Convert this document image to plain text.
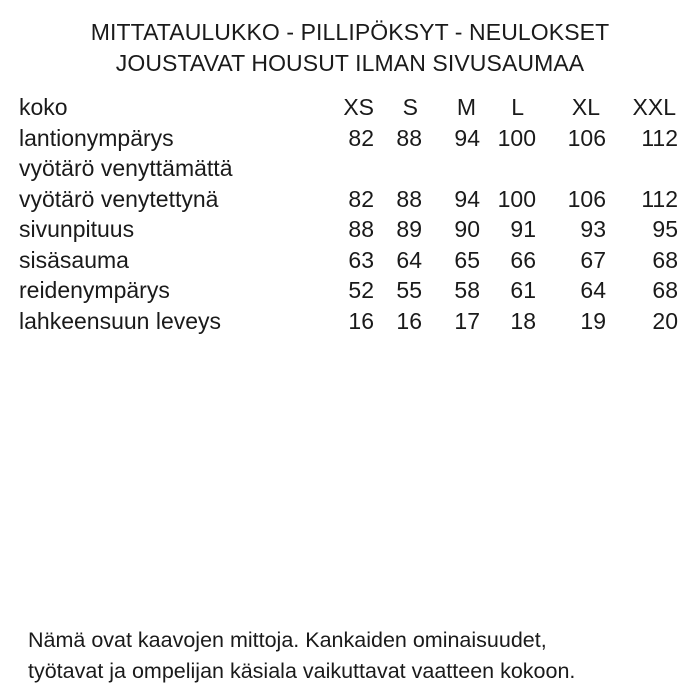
MITTATAULUKKO - PILLIPÖKSYT - NEULOKSET
JOUSTAVAT HOUSUT ILMAN SIVUSAUMAA
koko	XS	S	M	L	XL XXL
lantionympärys	82 88	94 100	106	112
vyötärö venyttämättä
vyötärö venytettynä	82 88	94 100	106	112
sivunpituus	88 89	90	91	93	95
sisäsauma	63 64	65	66	67	68
reidenympärys	52 55	58	61	64	68
lahkeensuun leveys	16 16	17	18	19	20
Nämä ovat kaavojen mittoja. Kankaiden ominaisuudet,
työtavat ja ompelijan käsiala vaikuttavat vaatteen kokoon.
